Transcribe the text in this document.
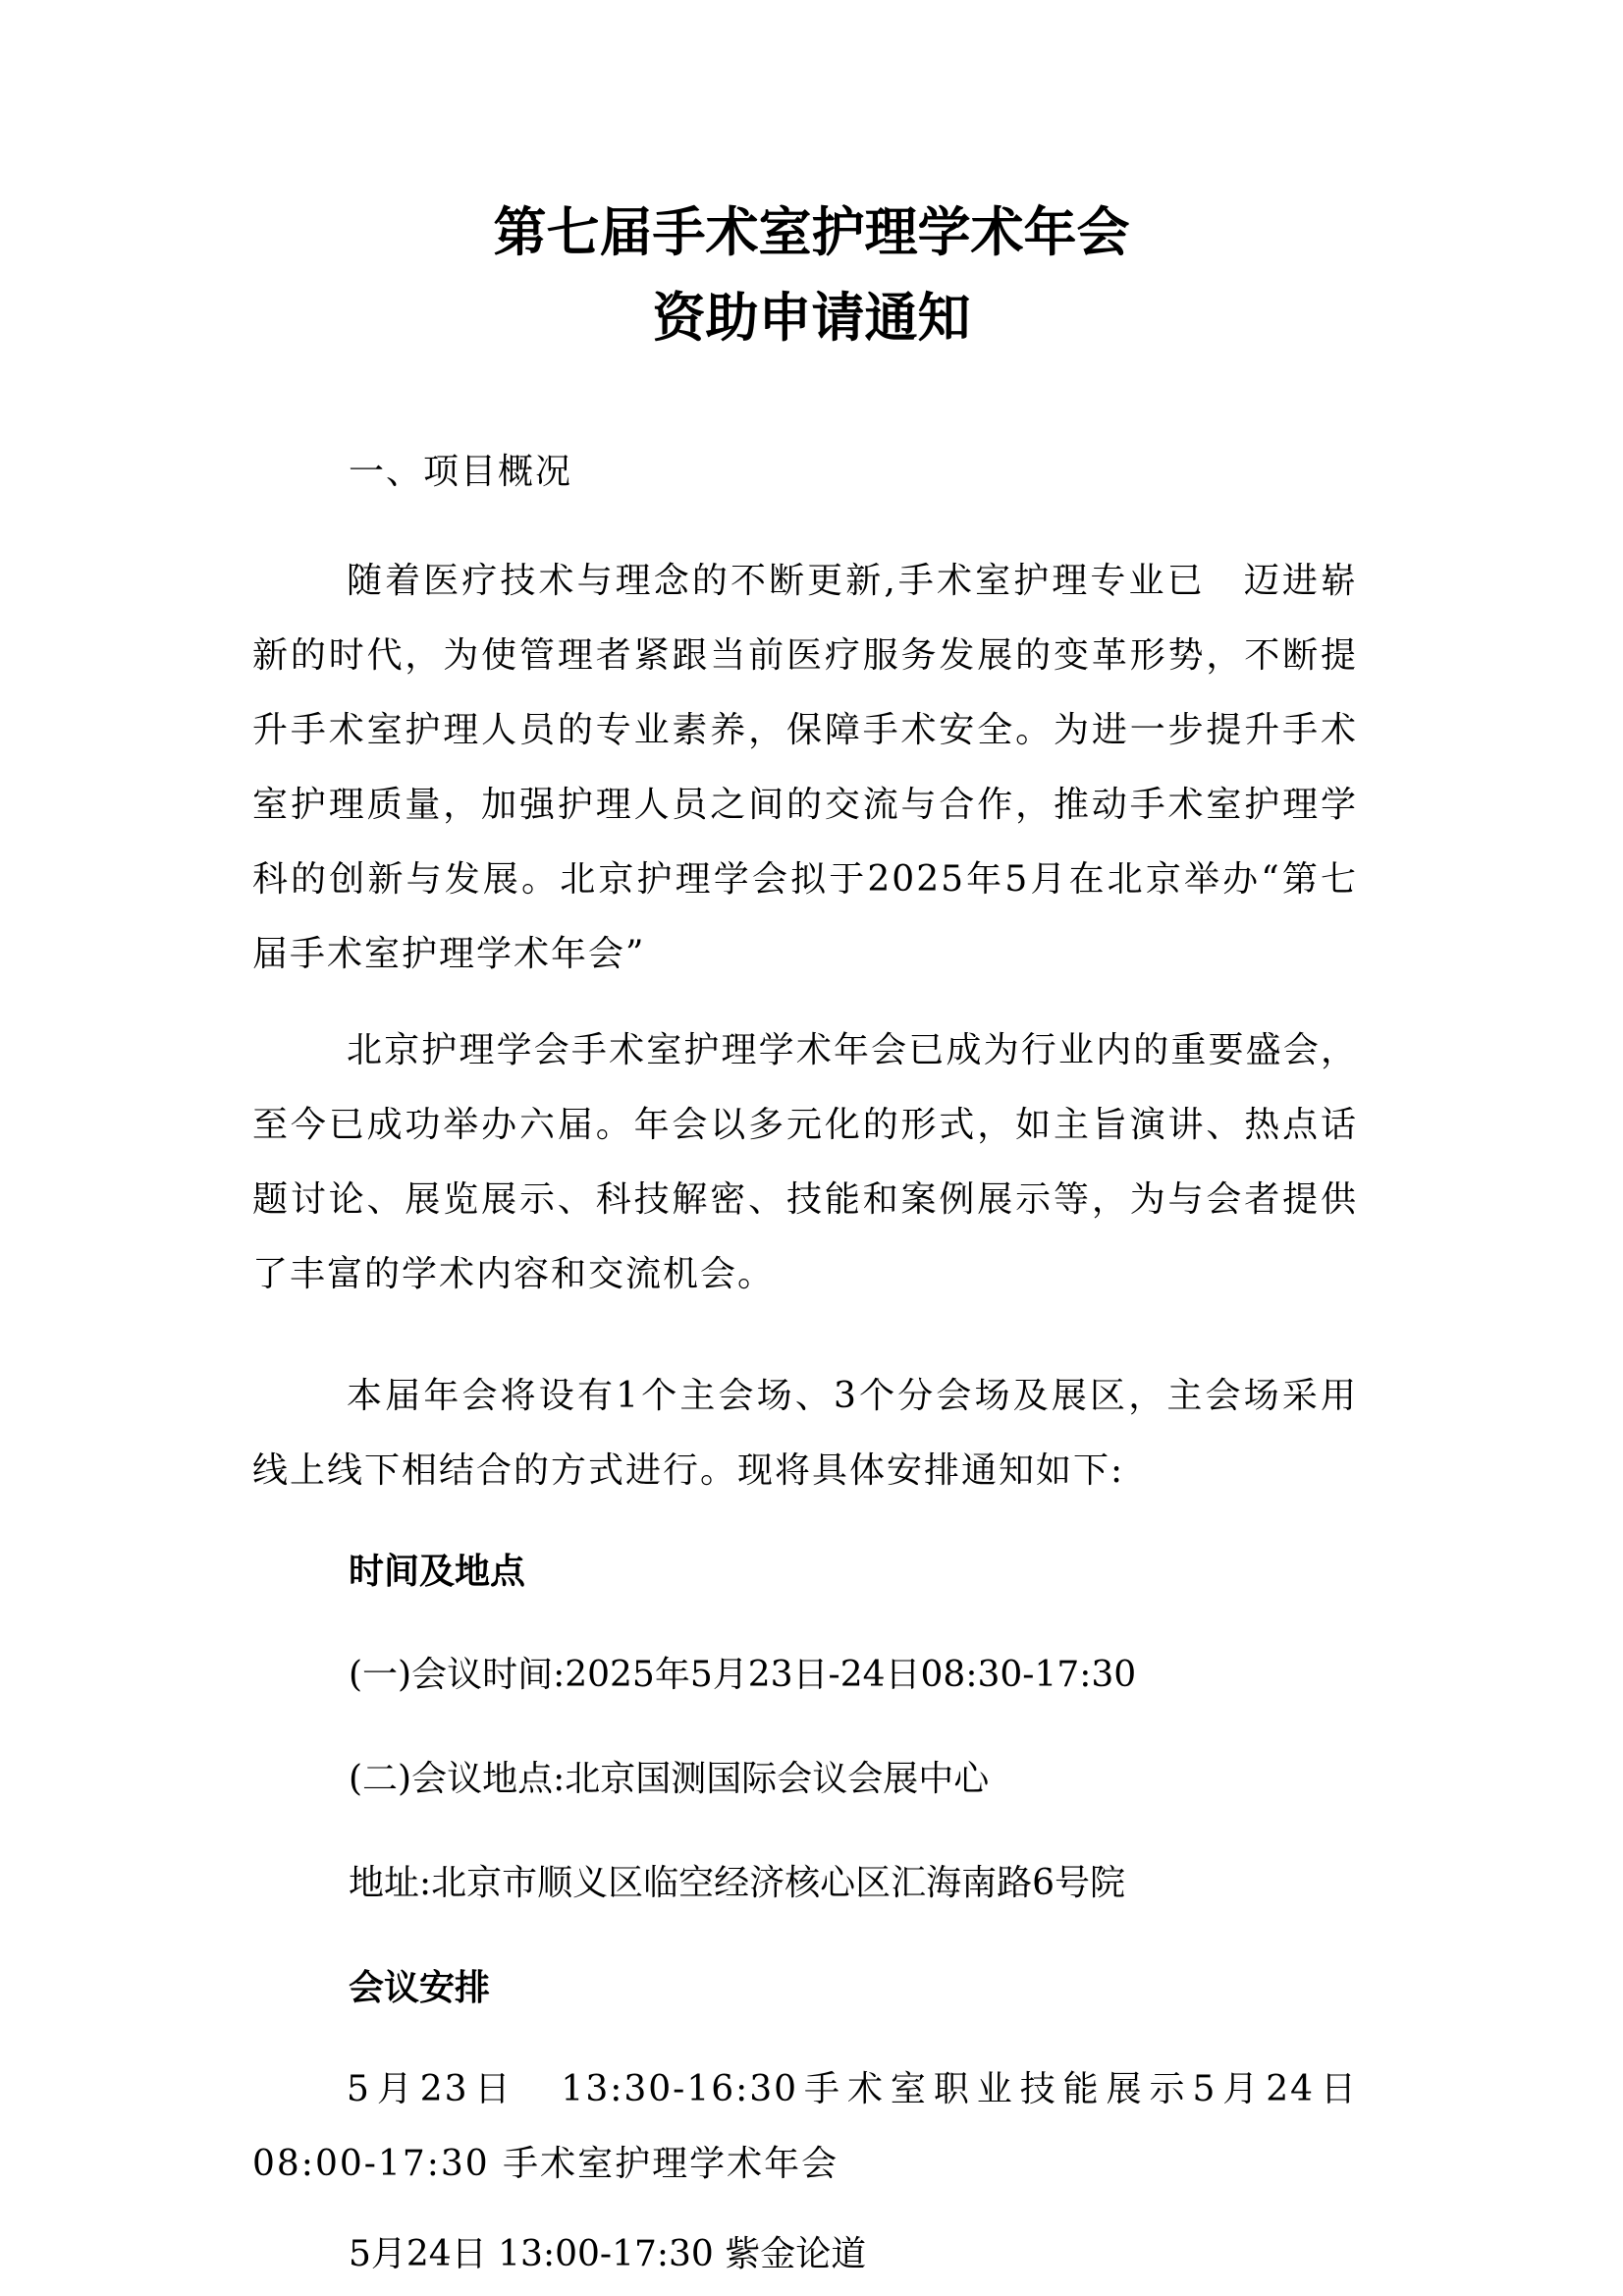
第七届手术室护理学术年会
资助申请通知
一、项目概况
随着医疗技术与理念的不断更新,手术室护理专业已　迈进崭新的时代，为使管理者紧跟当前医疗服务发展的变革形势，不断提升手术室护理人员的专业素养，保障手术安全。为进一步提升手术室护理质量，加强护理人员之间的交流与合作，推动手术室护理学科的创新与发展。北京护理学会拟于2025年5月在北京举办“第七届手术室护理学术年会”
北京护理学会手术室护理学术年会已成为行业内的重要盛会，至今已成功举办六届。年会以多元化的形式，如主旨演讲、热点话题讨论、展览展示、科技解密、技能和案例展示等，为与会者提供了丰富的学术内容和交流机会。
本届年会将设有1个主会场、3个分会场及展区，主会场采用线上线下相结合的方式进行。现将具体安排通知如下:
时间及地点
(一)会议时间:2025年5月23日-24日08:30-17:30
(二)会议地点:北京国测国际会议会展中心
地址:北京市顺义区临空经济核心区汇海南路6号院
会议安排
5月23日　13:30-16:30手术室职业技能展示5月24日 08:00-17:30 手术室护理学术年会
5月24日 13:00-17:30 紫金论道
